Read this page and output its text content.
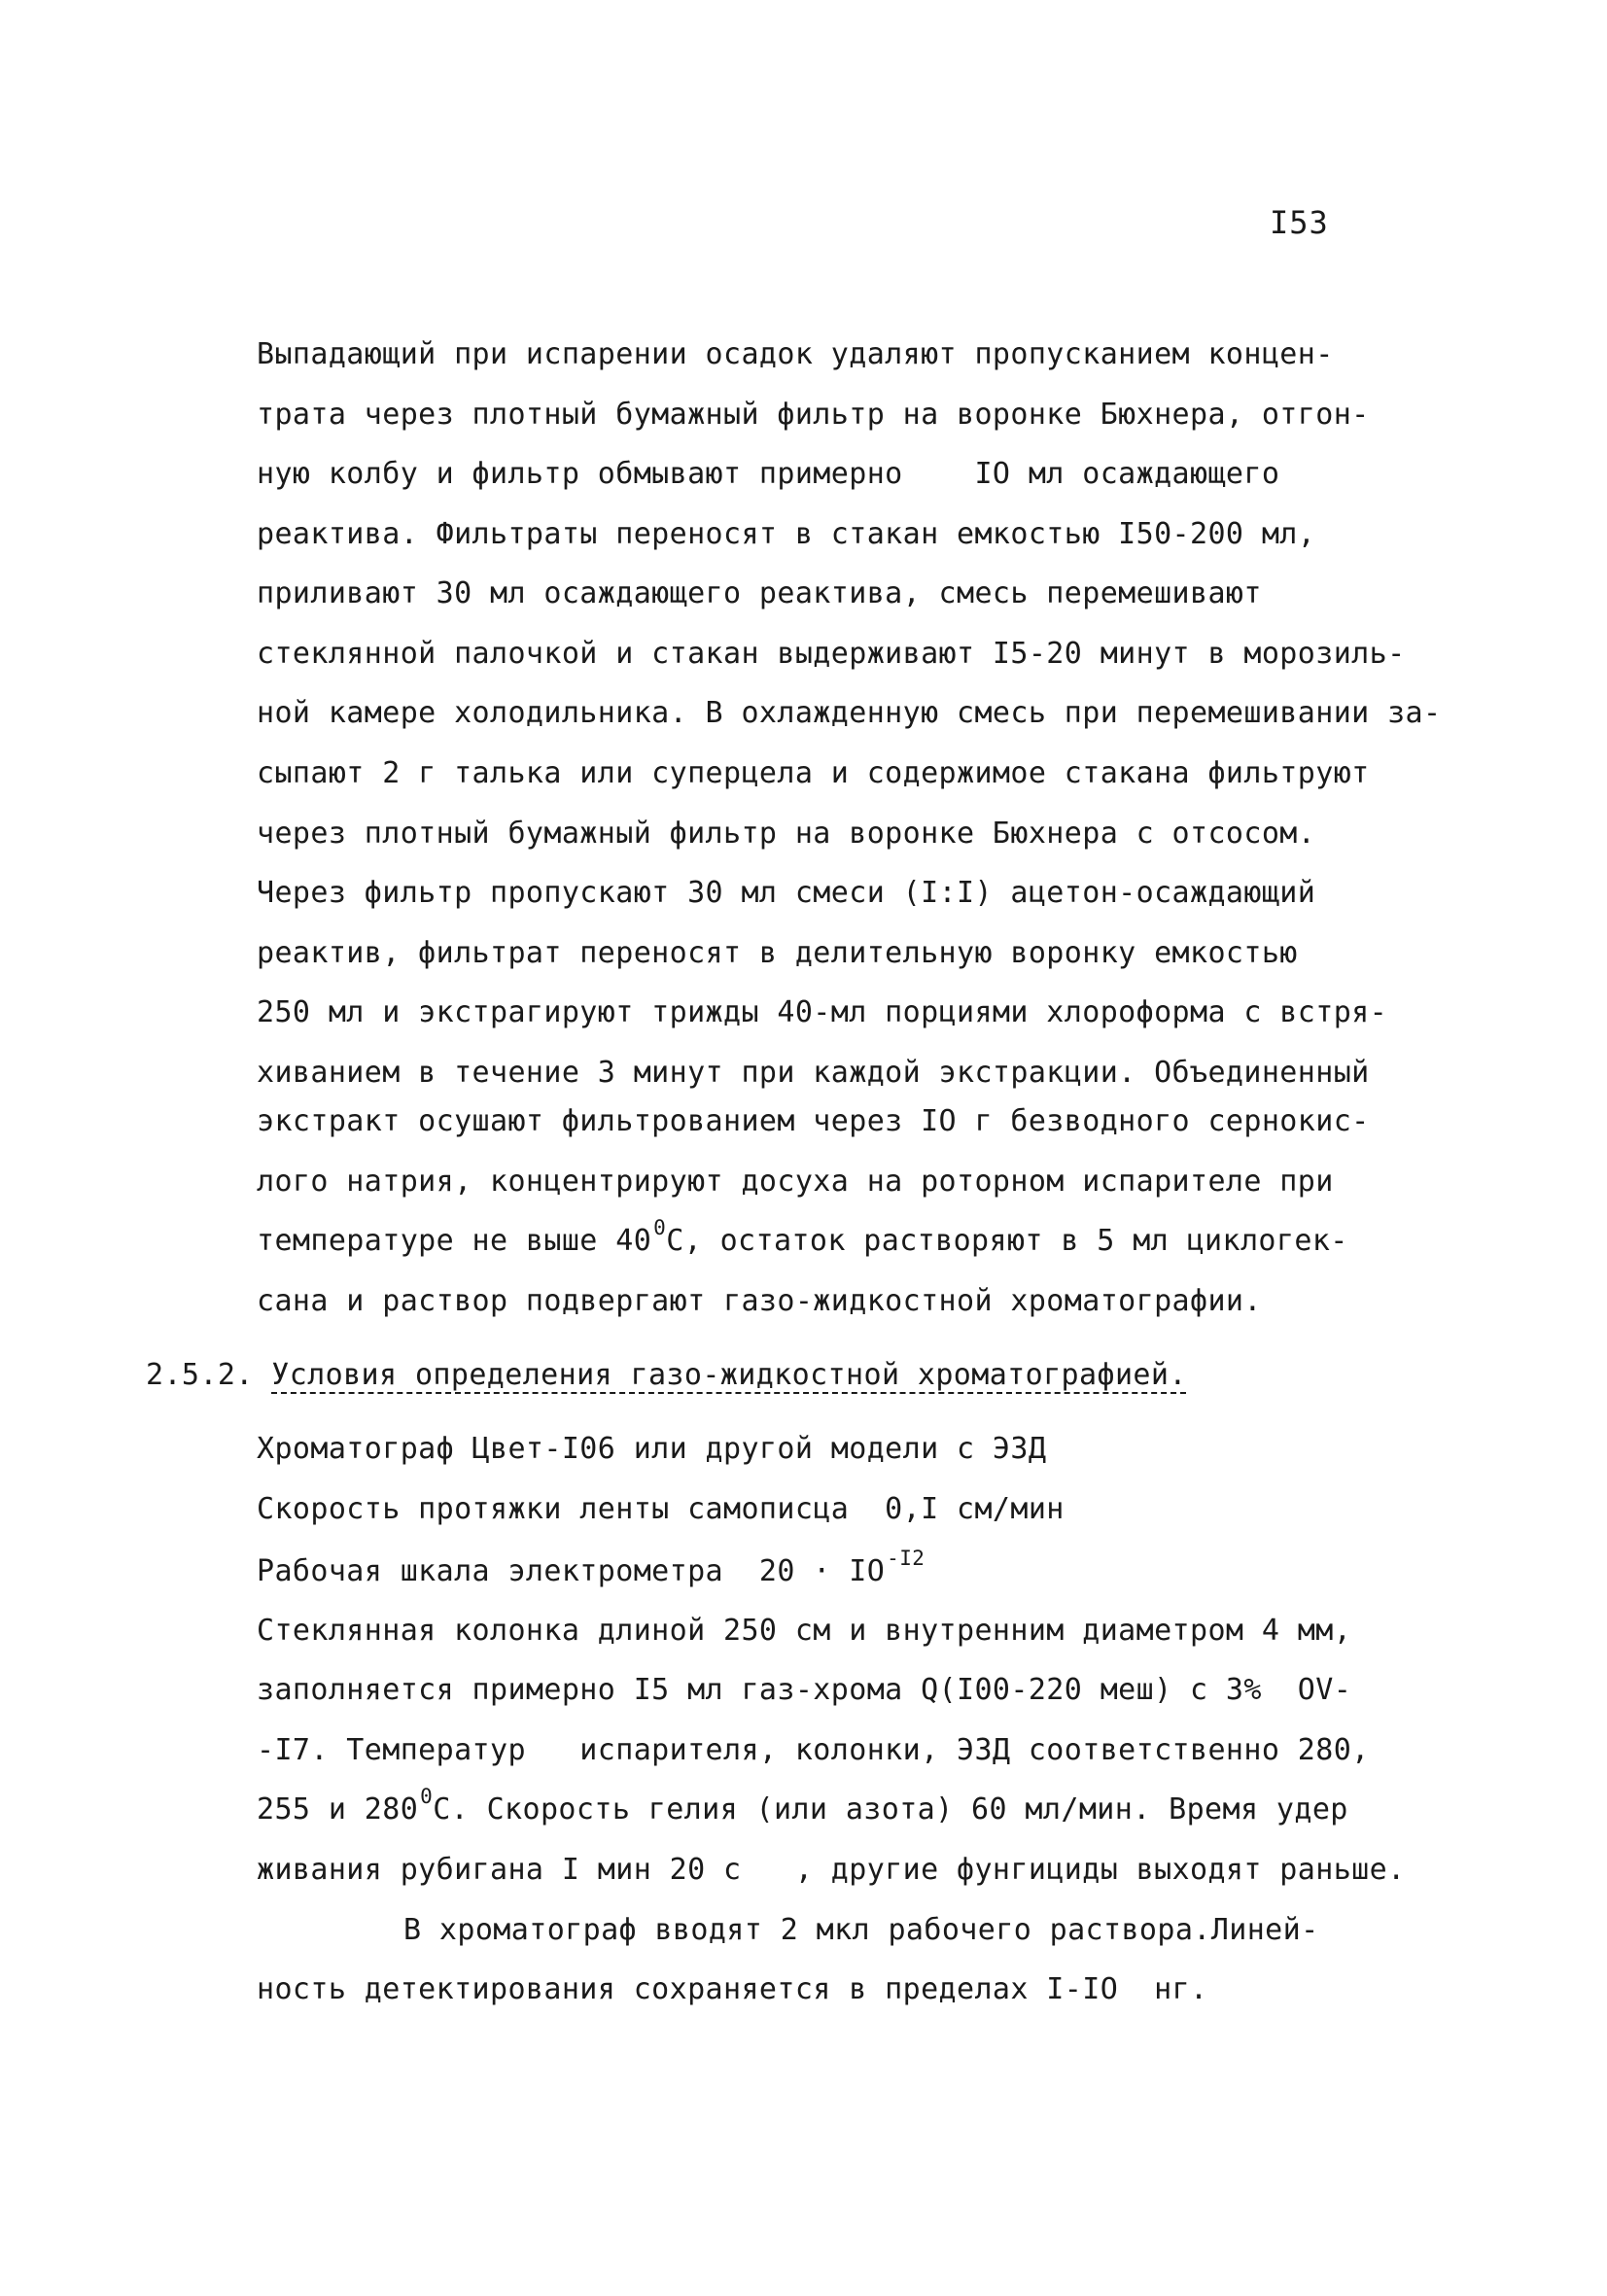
I53
Выпадающий при испарении осадок удаляют пропусканием концен-
трата через плотный бумажный фильтр на воронке Бюхнера, отгон-
ную колбу и фильтр обмывают примерно    IO мл осаждающего
реактива. Фильтраты переносят в стакан емкостью I50-200 мл,
приливают 30 мл осаждающего реактива, смесь перемешивают
стеклянной палочкой и стакан выдерживают I5-20 минут в морозиль-
ной камере холодильника. В охлажденную смесь при перемешивании за-
сыпают 2 г талька или суперцела и содержимое стакана фильтруют
через плотный бумажный фильтр на воронке Бюхнера с отсосом.
Через фильтр пропускают 30 мл смеси (I:I) ацетон-осаждающий
реактив, фильтрат переносят в делительную воронку емкостью
250 мл и экстрагируют трижды 40-мл порциями хлороформа с встря-
хиванием в течение 3 минут при каждой экстракции. Объединенный
экстракт осушают фильтрованием через IO г безводного сернокис-
лого натрия, концентрируют досуха на роторном испарителе при
температуре не выше $40^0С$, остаток растворяют в 5 мл циклогек-
сана и раствор подвергают газо-жидкостной хроматографии.
2.5.2. Условия определения газо-жидкостной хроматографией.
Хроматограф Цвет-I06 или другой модели с ЭЗД
Скорость протяжки ленты самописца  0,I см/мин
Рабочая шкала электрометра  $20 \cdot IO^{-I2}$
Стеклянная колонка длиной 250 см и внутренним диаметром 4 мм,
заполняется примерно I5 мл газ-хрома Q(I00-220 меш) с 3%  OV-
-I7. Температур   испарителя, колонки, ЭЗД соответственно 280,
255 и $280^0С$. Скорость гелия (или азота) 60 мл/мин. Время удер
живания рубигана I мин 20 с   , другие фунгициды выходят раньше.
В хроматограф вводят 2 мкл рабочего раствора.Линей-
ность детектирования сохраняется в пределах I-IO  нг.
